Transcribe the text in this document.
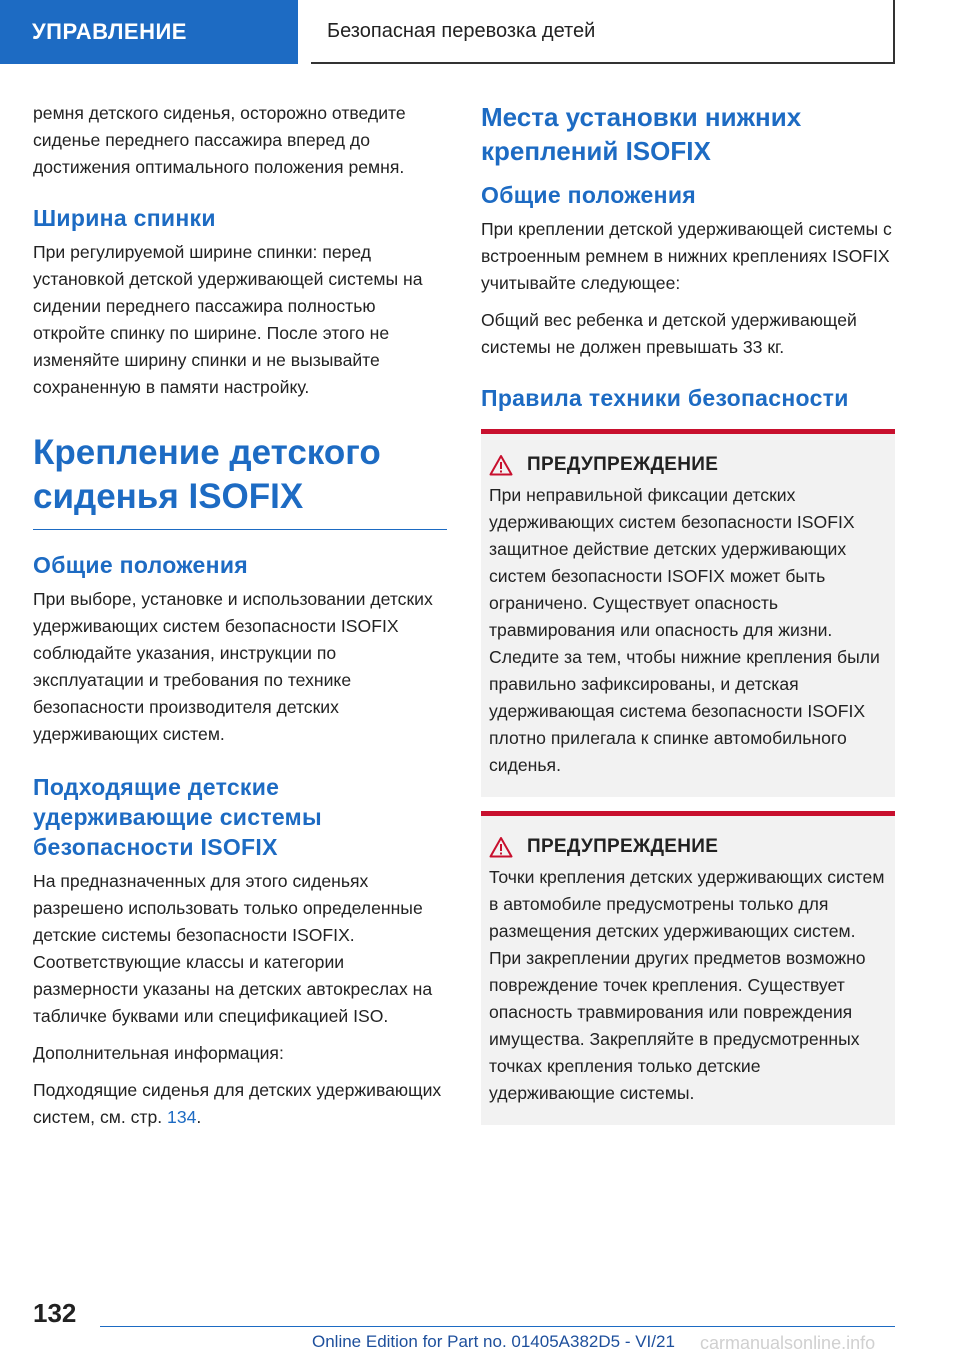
УПРАВЛЕНИЕ	Безопасная перевозка детей

ремня детского сиденья, осторожно отведите сиденье переднего пассажира вперед до достижения оптимального положения ремня.

Ширина спинки

При регулируемой ширине спинки: перед установкой детской удерживающей системы на сидении переднего пассажира полностью откройте спинку по ширине. После этого не изменяйте ширину спинки и не вызывайте сохраненную в памяти настройку.

Крепление детского сиденья ISOFIX
Общие положения

При выборе, установке и использовании детских удерживающих систем безопасности ISOFIX соблюдайте указания, инструкции по эксплуатации и требования по технике безопасности производителя детских удерживающих систем.

Подходящие детские удерживающие системы безопасности ISOFIX

На предназначенных для этого сиденьях разрешено использовать только определенные детские системы безопасности ISOFIX. Соответствующие классы и категории размерности указаны на детских автокреслах на табличке буквами или спецификацией ISO.

Дополнительная информация:

Подходящие сиденья для детских удерживающих систем, см. стр. 134.

Места установки нижних креплений ISOFIX
Общие положения

При креплении детской удерживающей системы с встроенным ремнем в нижних креплениях ISOFIX учитывайте следующее:

Общий вес ребенка и детской удерживающей системы не должен превышать 33 кг.

Правила техники безопасности
ПРЕДУПРЕЖДЕНИЕ

При неправильной фиксации детских удерживающих систем безопасности ISOFIX защитное действие детских удерживающих систем безопасности ISOFIX может быть ограничено. Существует опасность травмирования или опасность для жизни. Следите за тем, чтобы нижние крепления были правильно зафиксированы, и детская удерживающая система безопасности ISOFIX плотно прилегала к спинке автомобильного сиденья.

ПРЕДУПРЕЖДЕНИЕ

Точки крепления детских удерживающих систем в автомобиле предусмотрены только для размещения детских удерживающих систем. При закреплении других предметов возможно повреждение точек крепления. Существует опасность травмирования или повреждения имущества. Закрепляйте в предусмотренных точках крепления только детские удерживающие системы.

132
Online Edition for Part no. 01405A382D5 - VI/21 carmanualsonline.info
